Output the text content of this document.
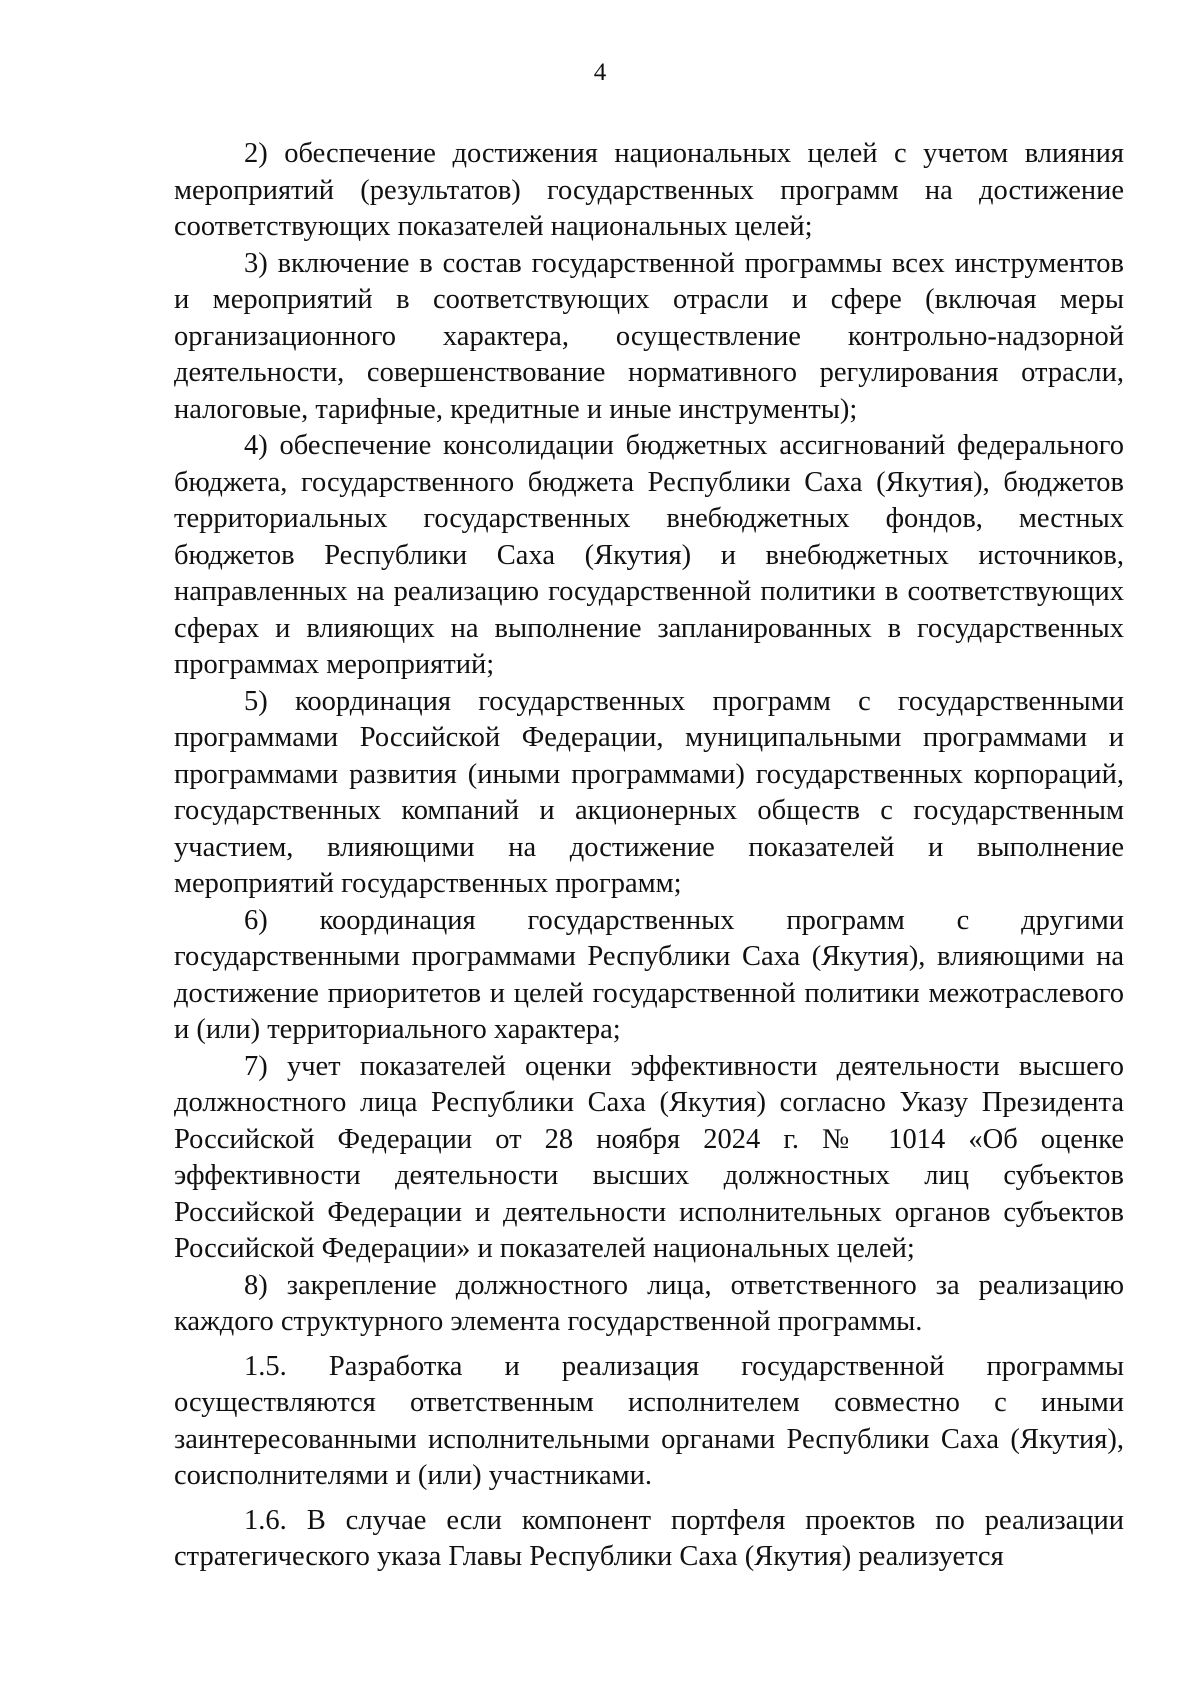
4

2) обеспечение достижения национальных целей с учетом влияния мероприятий (результатов) государственных программ на достижение соответствующих показателей национальных целей;

3) включение в состав государственной программы всех инструментов и мероприятий в соответствующих отрасли и сфере (включая меры организационного характера, осуществление контрольно-надзорной деятельности, совершенствование нормативного регулирования отрасли, налоговые, тарифные, кредитные и иные инструменты);

4) обеспечение консолидации бюджетных ассигнований федерального бюджета, государственного бюджета Республики Саха (Якутия), бюджетов территориальных государственных внебюджетных фондов, местных бюджетов Республики Саха (Якутия) и внебюджетных источников, направленных на реализацию государственной политики в соответствующих сферах и влияющих на выполнение запланированных в государственных программах мероприятий;

5) координация государственных программ с государственными программами Российской Федерации, муниципальными программами и программами развития (иными программами) государственных корпораций, государственных компаний и акционерных обществ с государственным участием, влияющими на достижение показателей и выполнение мероприятий государственных программ;

6) координация государственных программ с другими государственными программами Республики Саха (Якутия), влияющими на достижение приоритетов и целей государственной политики межотраслевого и (или) территориального характера;

7) учет показателей оценки эффективности деятельности высшего должностного лица Республики Саха (Якутия) согласно Указу Президента Российской Федерации от 28 ноября 2024 г. № 1014 «Об оценке эффективности деятельности высших должностных лиц субъектов Российской Федерации и деятельности исполнительных органов субъектов Российской Федерации» и показателей национальных целей;

8) закрепление должностного лица, ответственного за реализацию каждого структурного элемента государственной программы.

1.5. Разработка и реализация государственной программы осуществляются ответственным исполнителем совместно с иными заинтересованными исполнительными органами Республики Саха (Якутия), соисполнителями и (или) участниками.

1.6. В случае если компонент портфеля проектов по реализации стратегического указа Главы Республики Саха (Якутия) реализуется
